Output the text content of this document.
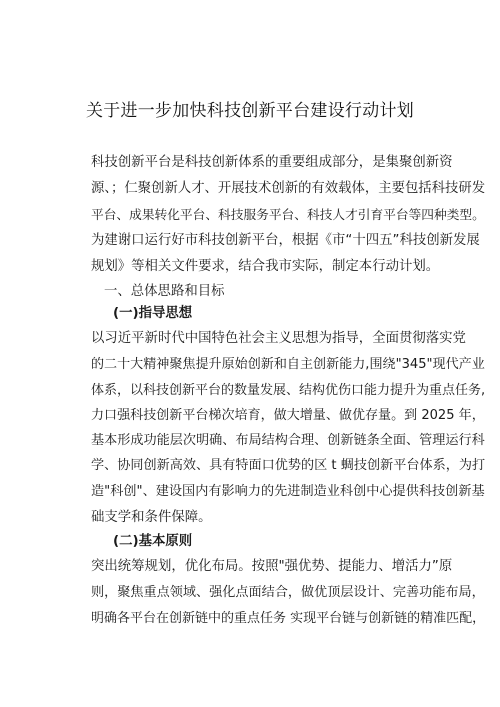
关于进一步加快科技创新平台建设行动计划
科技创新平台是科技创新体系的重要组成部分，是集聚创新资
源、；仁聚创新人才、开展技术创新的有效载体，主要包括科技研发
平台、成果转化平台、科技服务平台、科技人才引育平台等四种类型。
为建谢口运行好市科技创新平台，根据《市“十四五”科技创新发展
规划》等相关文件要求，结合我市实际，制定本行动计划。
一、总体思路和目标
(一)指导思想
以习近平新时代中国特色社会主义思想为指导，全面贯彻落实党
的二十大精神聚焦提升原始创新和自主创新能力,围绕"345"现代产业
体系，以科技创新平台的数量发展、结构优伤口能力提升为重点任务,
力口强科技创新平台梯次培育，做大增量、做优存量。到 2025 年，
基本形成功能层次明确、布局结构合理、创新链条全面、管理运行科
学、协同创新高效、具有特面口优势的区 t 蜩技创新平台体系，为打
造"科创"、建设国内有影响力的先进制造业科创中心提供科技创新基
础支学和条件保障。
(二)基本原则
突出统筹规划，优化布局。按照"强优势、提能力、增活力”原
则，聚焦重点领域、强化点面结合，做优顶层设计、完善功能布局，
明确各平台在创新链中的重点任务 实现平台链与创新链的精准匹配，
